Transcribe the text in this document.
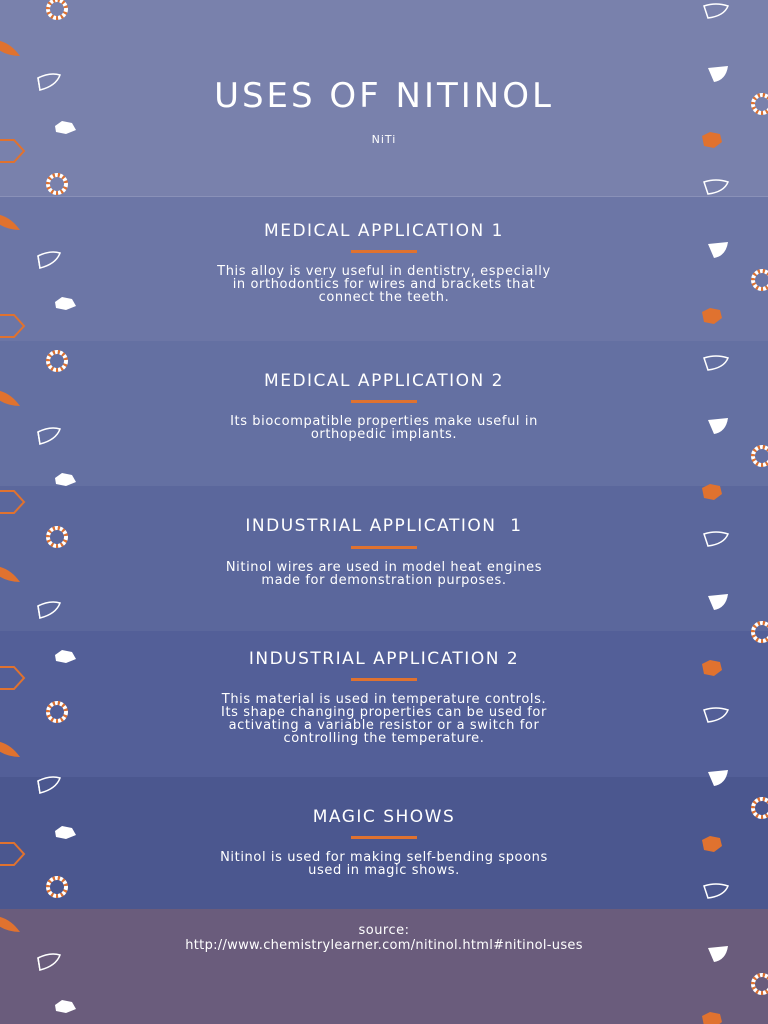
USES OF NITINOL
NiTi
MEDICAL APPLICATION 1
This alloy is very useful in dentistry, especially
in orthodontics for wires and brackets that
connect the teeth.
MEDICAL APPLICATION 2
Its biocompatible properties make useful in
orthopedic implants.
INDUSTRIAL APPLICATION  1
Nitinol wires are used in model heat engines
made for demonstration purposes.
INDUSTRIAL APPLICATION 2
This material is used in temperature controls.
Its shape changing properties can be used for
activating a variable resistor or a switch for
controlling the temperature.
MAGIC SHOWS
Nitinol is used for making self-bending spoons
used in magic shows.
source:
http://www.chemistrylearner.com/nitinol.html#nitinol-uses
